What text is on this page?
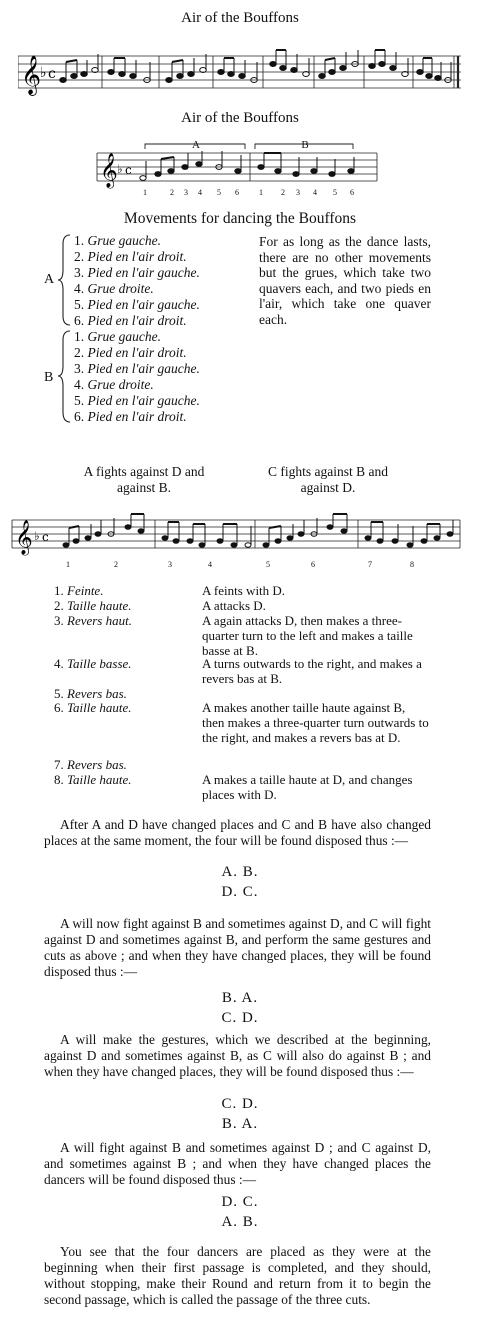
Air of the Bouffons
𝄞
♭ c
Air of the Bouffons
A	B
𝄞 ♭ c
1	2 3 4 5 6	1 2 3 4 5 6
Movements for dancing the Bouffons
A
B
1. Grue gauche.
2. Pied en l'air droit.
3. Pied en l'air gauche.
4. Grue droite.
5. Pied en l'air gauche.
6. Pied en l'air droit.
1. Grue gauche.
2. Pied en l'air droit.
3. Pied en l'air gauche.
4. Grue droite.
5. Pied en l'air gauche.
6. Pied en l'air droit.
For as long as the dance lasts, there are no other movements but the grues, which take two quavers each, and two pieds en l'air, which take one quaver each.
A fights against D and against B.
C fights against B and against D.
𝄞 ♭ c
1	2	3	4	5	6	7	8
1. Feinte.	A feints with D.
2. Taille haute.	A attacks D.
3. Revers haut.	A again attacks D, then makes a three-quarter turn to the left and makes a taille basse at B.
4. Taille basse.	A turns outwards to the right, and makes a revers bas at B.
5. Revers bas.
6. Taille haute.	A makes another taille haute against B, then makes a three-quarter turn outwards to the right, and makes a revers bas at D.
7. Revers bas.
8. Taille haute.	A makes a taille haute at D, and changes places with D.
After A and D have changed places and C and B have also changed places at the same moment, the four will be found disposed thus :—
A. B.
D. C.
A will now fight against B and sometimes against D, and C will fight against D and sometimes against B, and perform the same gestures and cuts as above ; and when they have changed places, they will be found disposed thus :—
B. A.
C. D.
A will make the gestures, which we described at the beginning, against D and sometimes against B, as C will also do against B ; and when they have changed places, they will be found disposed thus :—
C. D.
B. A.
A will fight against B and sometimes against D ; and C against D, and sometimes against B ; and when they have changed places the dancers will be found disposed thus :—
D. C.
A. B.
You see that the four dancers are placed as they were at the beginning when their first passage is completed, and they should, without stopping, make their Round and return from it to begin the second passage, which is called the passage of the three cuts.
